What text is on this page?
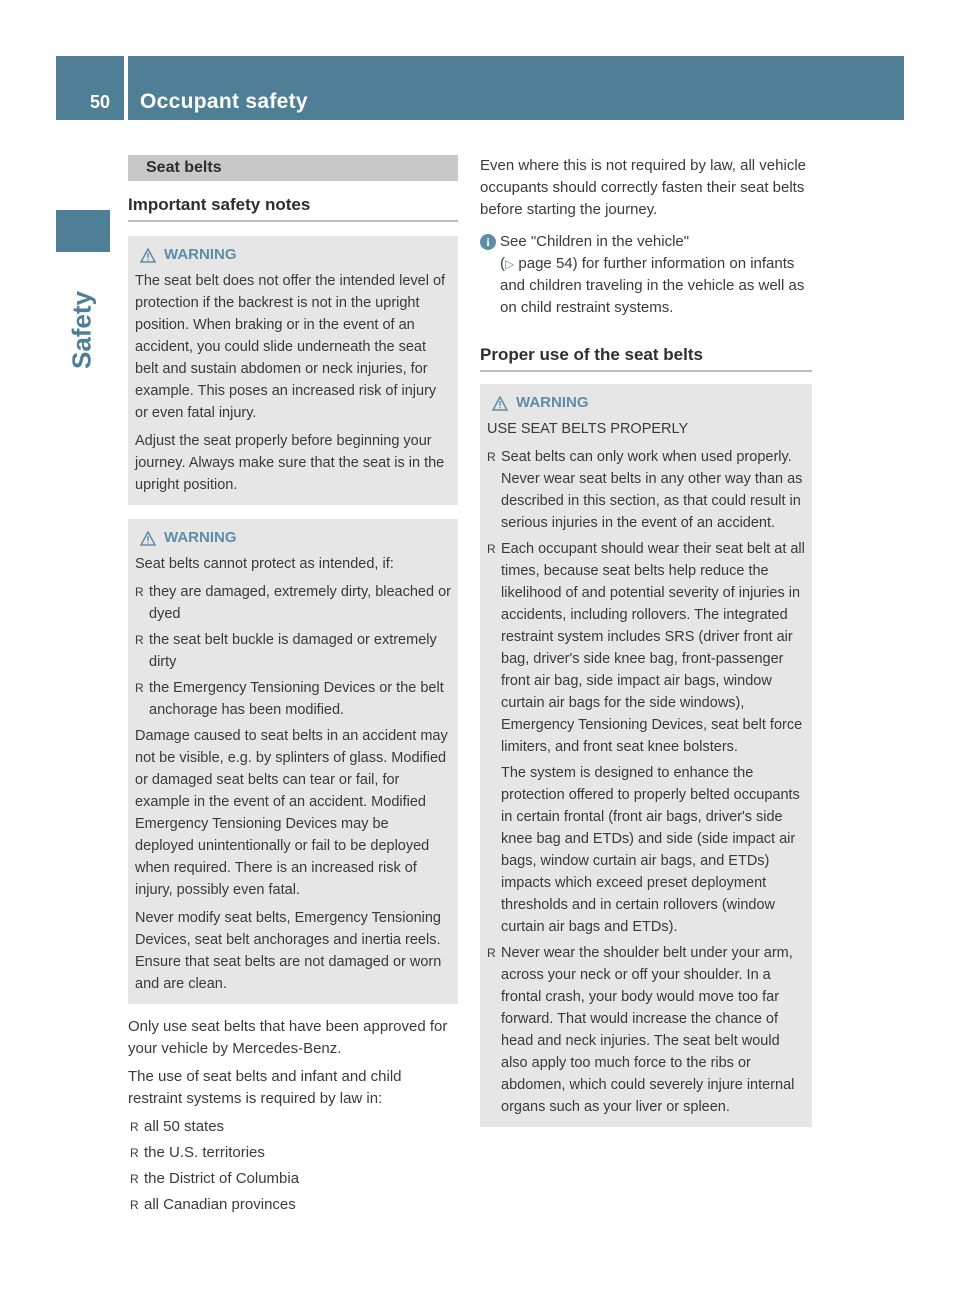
50 Occupant safety
Safety
Seat belts
Important safety notes
WARNING

The seat belt does not offer the intended level of protection if the backrest is not in the upright position. When braking or in the event of an accident, you could slide underneath the seat belt and sustain abdomen or neck injuries, for example. This poses an increased risk of injury or even fatal injury.

Adjust the seat properly before beginning your journey. Always make sure that the seat is in the upright position.

WARNING

Seat belts cannot protect as intended, if:

R they are damaged, extremely dirty, bleached or dyed
R the seat belt buckle is damaged or extremely dirty
R the Emergency Tensioning Devices or the belt anchorage has been modified.

Damage caused to seat belts in an accident may not be visible, e.g. by splinters of glass. Modified or damaged seat belts can tear or fail, for example in the event of an accident. Modified Emergency Tensioning Devices may be deployed unintentionally or fail to be deployed when required. There is an increased risk of injury, possibly even fatal.

Never modify seat belts, Emergency Tensioning Devices, seat belt anchorages and inertia reels. Ensure that seat belts are not damaged or worn and are clean.

Only use seat belts that have been approved for your vehicle by Mercedes-Benz.

The use of seat belts and infant and child restraint systems is required by law in:

R all 50 states
R the U.S. territories
R the District of Columbia
R all Canadian provinces

Even where this is not required by law, all vehicle occupants should correctly fasten their seat belts before starting the journey.

i See "Children in the vehicle"
(▷ page 54) for further information on infants and children traveling in the vehicle as well as on child restraint systems.
Proper use of the seat belts
WARNING

USE SEAT BELTS PROPERLY

R Seat belts can only work when used properly. Never wear seat belts in any other way than as described in this section, as that could result in serious injuries in the event of an accident.
R Each occupant should wear their seat belt at all times, because seat belts help reduce the likelihood of and potential severity of injuries in accidents, including rollovers. The integrated restraint system includes SRS (driver front air bag, driver's side knee bag, front-passenger front air bag, side impact air bags, window curtain air bags for the side windows), Emergency Tensioning Devices, seat belt force limiters, and front seat knee bolsters.
The system is designed to enhance the protection offered to properly belted occupants in certain frontal (front air bags, driver's side knee bag and ETDs) and side (side impact air bags, window curtain air bags, and ETDs) impacts which exceed preset deployment thresholds and in certain rollovers (window curtain air bags and ETDs).
R Never wear the shoulder belt under your arm, across your neck or off your shoulder. In a frontal crash, your body would move too far forward. That would increase the chance of head and neck injuries. The seat belt would also apply too much force to the ribs or abdomen, which could severely injure internal organs such as your liver or spleen.
